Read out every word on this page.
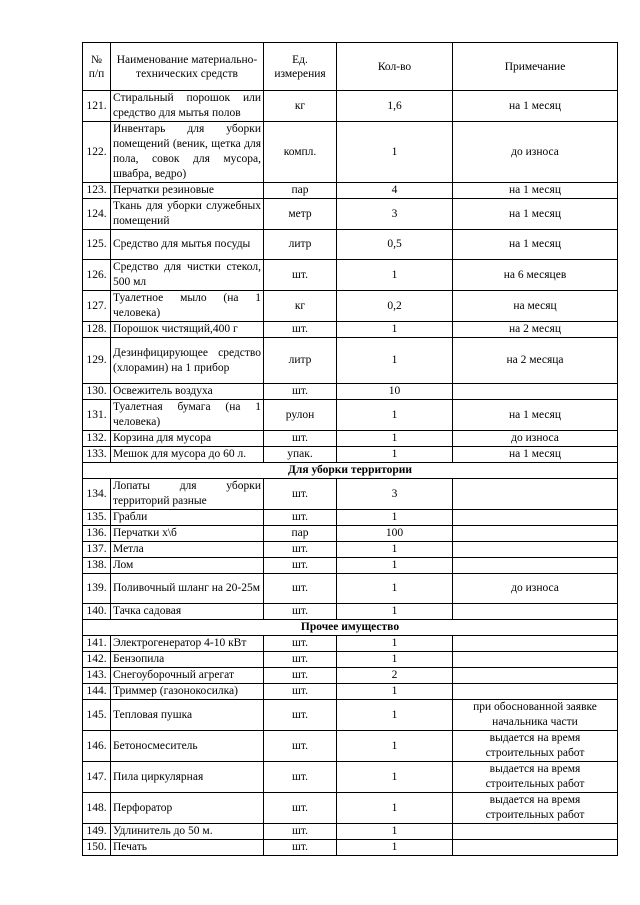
№ п/п	Наименование материально-технических средств	Ед. измерения	Кол-во	Примечание
121.	Стиральный порошок или средство для мытья полов	кг	1,6	на 1 месяц
122.	Инвентарь для уборки помещений (веник, щетка для пола, совок для мусора, швабра, ведро)	компл.	1	до износа
123.	Перчатки резиновые	пар	4	на 1 месяц
124.	Ткань для уборки служебных помещений	метр	3	на 1 месяц
125.	Средство для мытья посуды	литр	0,5	на 1 месяц
126.	Средство для чистки стекол, 500 мл	шт.	1	на 6 месяцев
127.	Туалетное мыло (на 1 человека)	кг	0,2	на месяц
128.	Порошок чистящий,400 г	шт.	1	на 2 месяц
129.	Дезинфицирующее средство (хлорамин) на 1 прибор	литр	1	на 2 месяца
130.	Освежитель воздуха	шт.	10	
131.	Туалетная бумага (на 1 человека)	рулон	1	на 1 месяц
132.	Корзина для мусора	шт.	1	до износа
133.	Мешок для мусора до 60 л.	упак.	1	на 1 месяц
Для уборки территории				
134.	Лопаты для уборки территорий разные	шт.	3	
135.	Грабли	шт.	1	
136.	Перчатки х\б	пар	100	
137.	Метла	шт.	1	
138.	Лом	шт.	1	
139.	Поливочный шланг на 20-25м	шт.	1	до износа
140.	Тачка садовая	шт.	1	
Прочее имущество				
141.	Электрогенератор 4-10 кВт	шт.	1	
142.	Бензопила	шт.	1	
143.	Снегоуборочный агрегат	шт.	2	
144.	Триммер (газонокосилка)	шт.	1	
145.	Тепловая пушка	шт.	1	при обоснованной заявке начальника части
146.	Бетоносмеситель	шт.	1	выдается на время строительных работ
147.	Пила циркулярная	шт.	1	выдается на время строительных работ
148.	Перфоратор	шт.	1	выдается на время строительных работ
149.	Удлинитель до 50 м.	шт.	1	
150.	Печать	шт.	1	
